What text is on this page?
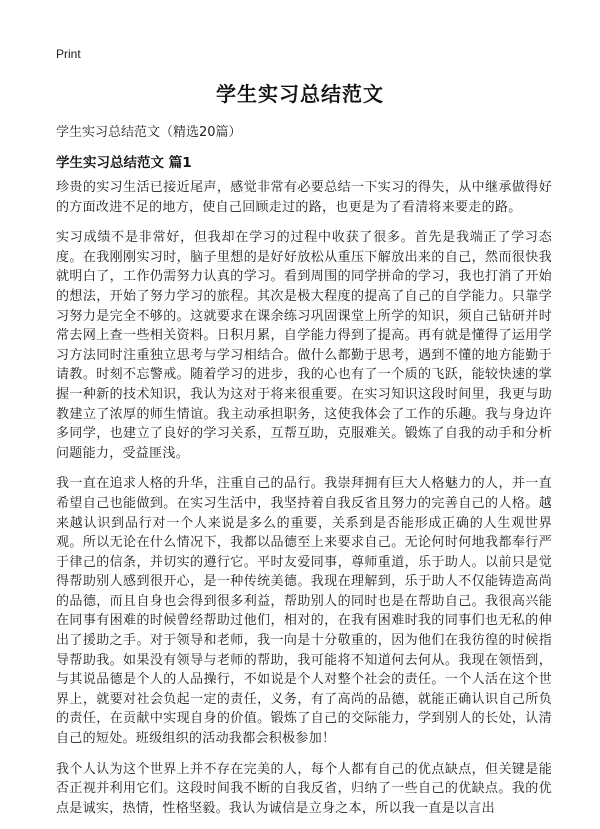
Print
学生实习总结范文
学生实习总结范文（精选20篇）
学生实习总结范文 篇1

珍贵的实习生活已接近尾声，感觉非常有必要总结一下实习的得失，从中继承做得好的方面改进不足的地方，使自己回顾走过的路，也更是为了看清将来要走的路。

实习成绩不是非常好，但我却在学习的过程中收获了很多。首先是我端正了学习态度。在我刚刚实习时，脑子里想的是好好放松从重压下解放出来的自己，然而很快我就明白了，工作仍需努力认真的学习。看到周围的同学拼命的学习，我也打消了开始的想法，开始了努力学习的旅程。其次是极大程度的提高了自己的自学能力。只靠学习努力是完全不够的。这就要求在课余练习巩固课堂上所学的知识，须自己钻研并时常去网上查一些相关资料。日积月累，自学能力得到了提高。再有就是懂得了运用学习方法同时注重独立思考与学习相结合。做什么都勤于思考，遇到不懂的地方能勤于请教。时刻不忘警戒。随着学习的进步，我的心也有了一个质的飞跃，能较快速的掌握一种新的技术知识，我认为这对于将来很重要。在实习知识这段时间里，我更与助教建立了浓厚的师生情谊。我主动承担职务，这使我体会了工作的乐趣。我与身边许多同学，也建立了良好的学习关系，互帮互助，克服难关。锻炼了自我的动手和分析问题能力，受益匪浅。

我一直在追求人格的升华，注重自己的品行。我崇拜拥有巨大人格魅力的人，并一直希望自己也能做到。在实习生活中，我坚持着自我反省且努力的完善自己的人格。越来越认识到品行对一个人来说是多么的重要，关系到是否能形成正确的人生观世界观。所以无论在什么情况下，我都以品德至上来要求自己。无论何时何地我都奉行严于律己的信条，并切实的遵行它。平时友爱同事，尊师重道，乐于助人。以前只是觉得帮助别人感到很开心，是一种传统美德。我现在理解到，乐于助人不仅能铸造高尚的品德，而且自身也会得到很多利益，帮助别人的同时也是在帮助自己。我很高兴能在同事有困难的时候曾经帮助过他们，相对的，在我有困难时我的同事们也无私的伸出了援助之手。对于领导和老师，我一向是十分敬重的，因为他们在我彷徨的时候指导帮助我。如果没有领导与老师的帮助，我可能将不知道何去何从。我现在领悟到，与其说品德是个人的人品操行，不如说是个人对整个社会的责任。一个人活在这个世界上，就要对社会负起一定的责任，义务，有了高尚的品德，就能正确认识自己所负的责任，在贡献中实现自身的价值。锻炼了自己的交际能力，学到别人的长处，认清自己的短处。班级组织的活动我都会积极参加！

我个人认为这个世界上并不存在完美的人，每个人都有自己的优点缺点，但关键是能否正视并利用它们。这段时间我不断的自我反省，归纳了一些自己的优缺点。我的优点是诚实，热情，性格坚毅。我认为诚信是立身之本，所以我一直是以言出
